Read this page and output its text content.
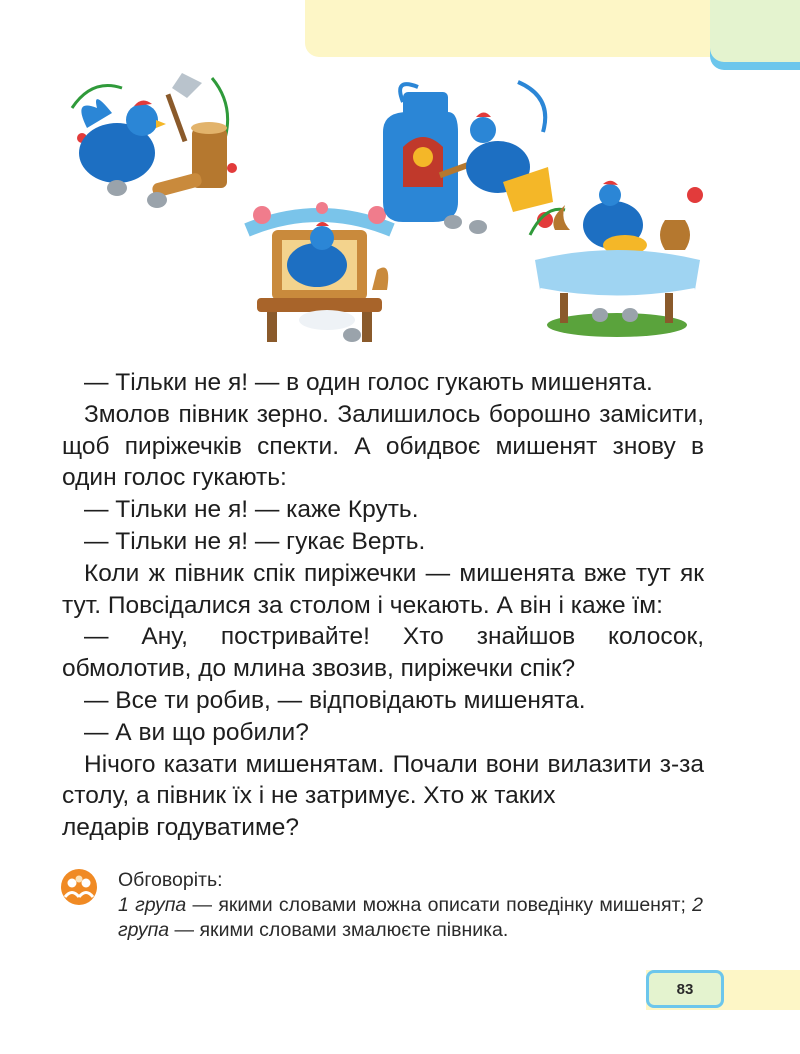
— Тільки не я! — в один голос гукають мишенята.

Змолов півник зерно. Залишилось борошно замісити, щоб пиріжечків спекти. А обидвоє мишенят знову в один голос гукають:

— Тільки не я! — каже Круть.

— Тільки не я! — гукає Верть.

Коли ж півник спік пиріжечки — мишенята вже тут як тут. Повсідалися за столом і чекають. А він і каже їм:

— Ану, постривайте! Хто знайшов колосок, обмолотив, до млина звозив, пиріжечки спік?

— Все ти робив, — відповідають мишенята.

— А ви що робили?

Нічого казати мишенятам. Почали вони вилазити з-за столу, а півник їх і не затримує. Хто ж таких

ледарів годуватиме?

Обговоріть:
1 група — якими словами можна описати поведінку мишенят; 2 група — якими словами змалюєте півника.
83
